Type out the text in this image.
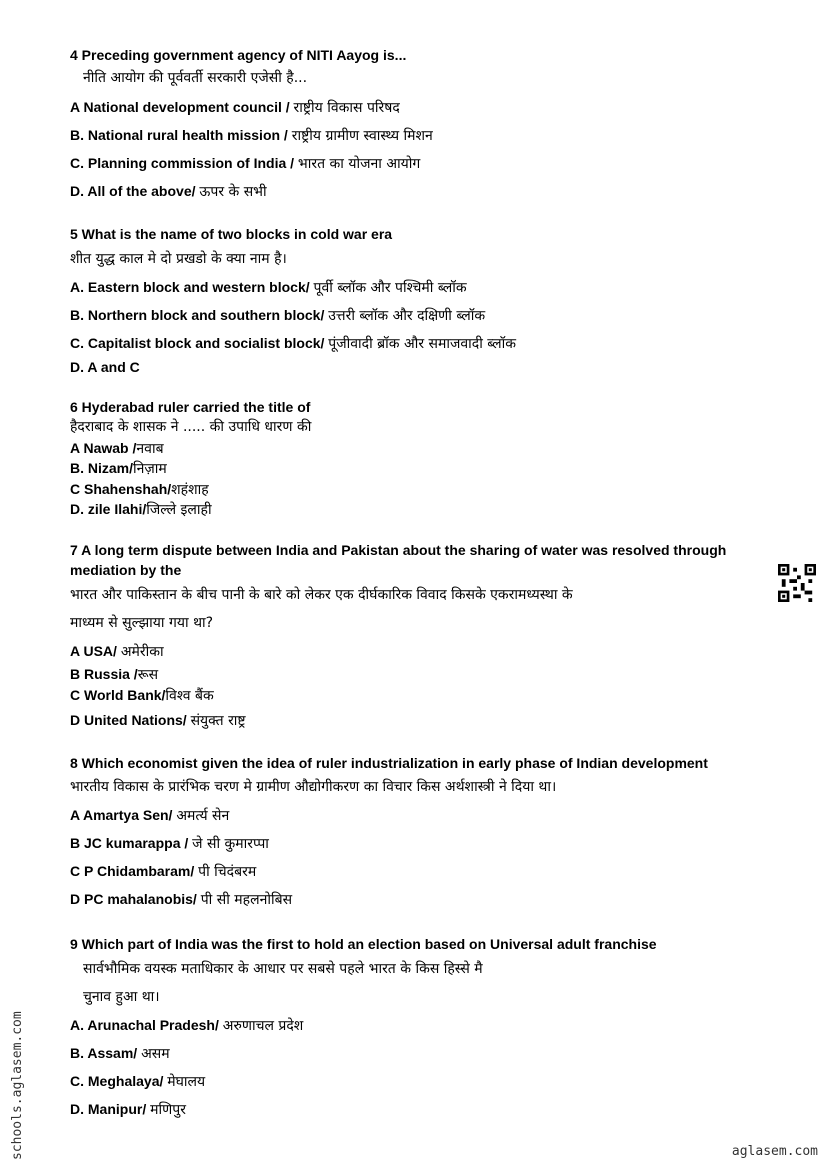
4 Preceding government agency of NITI Aayog is...
नीति आयोग की पूर्ववर्ती सरकारी एजेसी है...
A National development council / राष्ट्रीय विकास परिषद
B. National rural health mission / राष्ट्रीय ग्रामीण स्वास्थ्य मिशन
C. Planning commission of India / भारत का योजना आयोग
D. All of the above/ ऊपर के सभी
5 What is the name of two blocks in cold war era
शीत युद्ध काल मे दो प्रखडो के क्या नाम है।
A. Eastern block and western block/ पूर्वी ब्लॉक और पश्चिमी ब्लॉक
B. Northern block and southern block/ उत्तरी ब्लॉक और दक्षिणी ब्लॉक
C. Capitalist block and socialist block/ पूंजीवादी ब्रॉक और समाजवादी ब्लॉक
D. A and C
6 Hyderabad ruler carried the title of
हैदराबाद के शासक ने ..... की उपाधि धारण की
A Nawab /नवाब
B. Nizam/निज़ाम
C Shahenshah/शहंशाह
D. zile Ilahi/जिल्ले इलाही
7 A long term dispute between India and Pakistan about the sharing of water was resolved through
mediation by the
भारत और पाकिस्तान के बीच पानी के बारे को लेकर एक दीर्घकारिक विवाद किसके एकरामध्यस्था के
माध्यम से सुल्झाया गया था?
A USA/ अमेरीका
B Russia /रूस
C World Bank/विश्व बैंक
D United Nations/ संयुक्त राष्ट्र
8 Which economist given the idea of ruler industrialization in early phase of Indian development
भारतीय विकास के प्रारंभिक चरण मे ग्रामीण औद्योगीकरण का विचार किस अर्थशास्त्री ने दिया था।
A Amartya Sen/ अमर्त्य सेन
B JC kumarappa / जे सी कुमारप्पा
C P Chidambaram/ पी चिदंबरम
D PC mahalanobis/ पी सी महलनोबिस
9 Which part of India was the first to hold an election based on Universal adult franchise
सार्वभौमिक वयस्क मताधिकार के आधार पर सबसे पहले भारत के किस हिस्से मै
चुनाव हुआ था।
A. Arunachal Pradesh/ अरुणाचल प्रदेश
B. Assam/ असम
C. Meghalaya/ मेघालय
D. Manipur/ मणिपुर
schools.aglasem.com	aglasem.com
